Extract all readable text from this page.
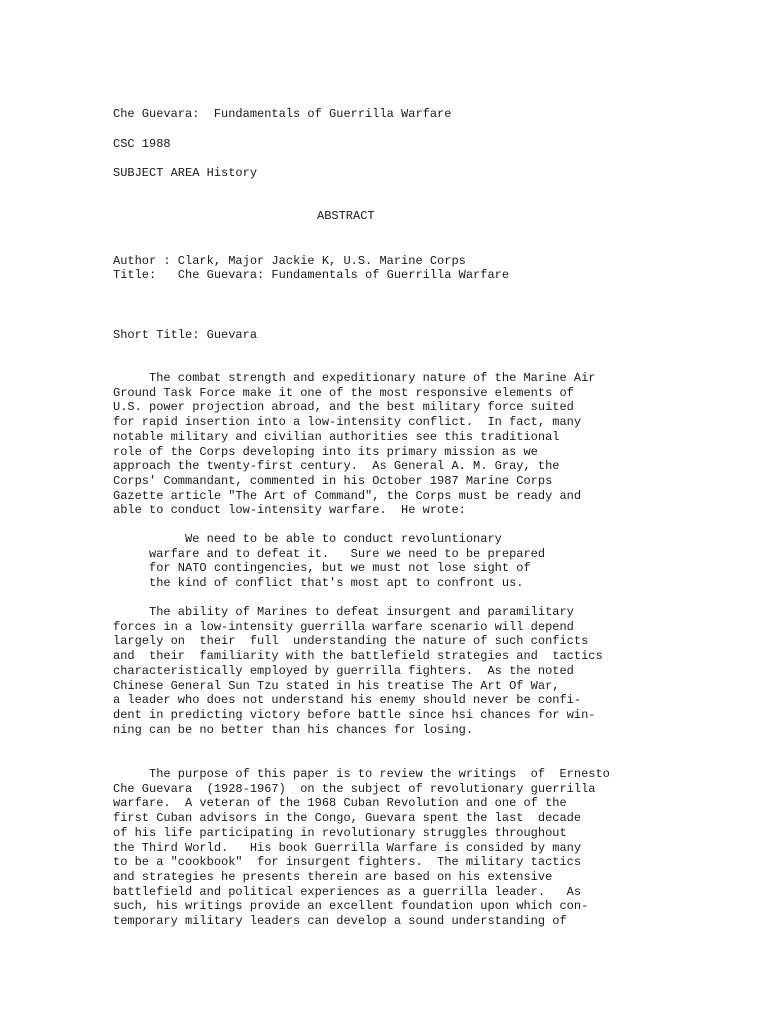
Che Guevara:  Fundamentals of Guerrilla Warfare
CSC 1988
SUBJECT AREA History
ABSTRACT
Author : Clark, Major Jackie K, U.S. Marine Corps
Title:   Che Guevara: Fundamentals of Guerrilla Warfare
Short Title: Guevara
The combat strength and expeditionary nature of the Marine Air
Ground Task Force make it one of the most responsive elements of
U.S. power projection abroad, and the best military force suited
for rapid insertion into a low-intensity conflict.  In fact, many
notable military and civilian authorities see this traditional
role of the Corps developing into its primary mission as we
approach the twenty-first century.  As General A. M. Gray, the
Corps' Commandant, commented in his October 1987 Marine Corps
Gazette article "The Art of Command", the Corps must be ready and
able to conduct low-intensity warfare.  He wrote:
We need to be able to conduct revoluntionary
warfare and to defeat it.   Sure we need to be prepared
for NATO contingencies, but we must not lose sight of
the kind of conflict that's most apt to confront us.
The ability of Marines to defeat insurgent and paramilitary
forces in a low-intensity guerrilla warfare scenario will depend
largely on  their  full  understanding the nature of such conficts
and  their  familiarity with the battlefield strategies and  tactics
characteristically employed by guerrilla fighters.  As the noted
Chinese General Sun Tzu stated in his treatise The Art Of War,
a leader who does not understand his enemy should never be confi-
dent in predicting victory before battle since hsi chances for win-
ning can be no better than his chances for losing.
The purpose of this paper is to review the writings  of  Ernesto
Che Guevara  (1928-1967)  on the subject of revolutionary guerrilla
warfare.  A veteran of the 1968 Cuban Revolution and one of the
first Cuban advisors in the Congo, Guevara spent the last  decade
of his life participating in revolutionary struggles throughout
the Third World.   His book Guerrilla Warfare is consided by many
to be a "cookbook"  for insurgent fighters.  The military tactics
and strategies he presents therein are based on his extensive
battlefield and political experiences as a guerrilla leader.   As
such, his writings provide an excellent foundation upon which con-
temporary military leaders can develop a sound understanding of
